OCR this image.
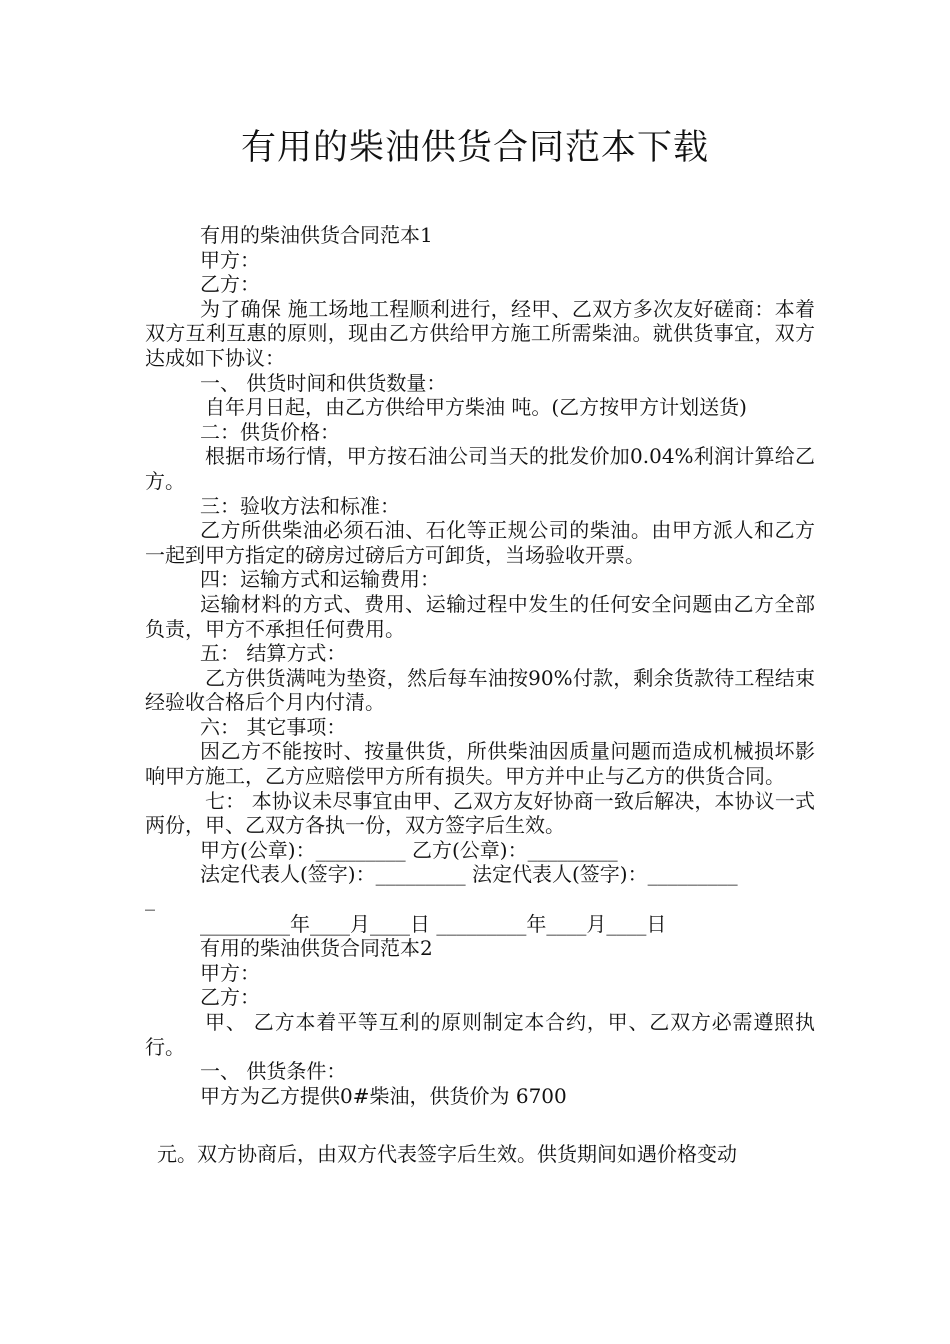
有用的柴油供货合同范本下载

有用的柴油供货合同范本1

甲方：

乙方：

为了确保 施工场地工程顺利进行，经甲、乙双方多次友好磋商：本着双方互利互惠的原则，现由乙方供给甲方施工所需柴油。就供货事宜，双方达成如下协议：

一、 供货时间和供货数量：

自年月日起，由乙方供给甲方柴油 吨。(乙方按甲方计划送货)

二：供货价格：

根据市场行情，甲方按石油公司当天的批发价加0.04%利润计算给乙方。

三：验收方法和标准：

乙方所供柴油必须石油、石化等正规公司的柴油。由甲方派人和乙方一起到甲方指定的磅房过磅后方可卸货，当场验收开票。

四：运输方式和运输费用：

运输材料的方式、费用、运输过程中发生的任何安全问题由乙方全部负责，甲方不承担任何费用。

五： 结算方式：

乙方供货满吨为垫资，然后每车油按90%付款，剩余货款待工程结束经验收合格后个月内付清。

六： 其它事项：

因乙方不能按时、按量供货，所供柴油因质量问题而造成机械损坏影响甲方施工，乙方应赔偿甲方所有损失。甲方并中止与乙方的供货合同。

七： 本协议未尽事宜由甲、乙双方友好协商一致后解决，本协议一式两份，甲、乙双方各执一份，双方签字后生效。

甲方(公章)：_________ 乙方(公章)：_________

法定代表人(签字)：_________ 法定代表人(签字)：_________

_

_________年____月____日 _________年____月____日

有用的柴油供货合同范本2

甲方：

乙方：

甲、 乙方本着平等互利的原则制定本合约，甲、乙双方必需遵照执行。

一、 供货条件：

甲方为乙方提供0#柴油，供货价为 6700

元。双方协商后，由双方代表签字后生效。供货期间如遇价格变动
